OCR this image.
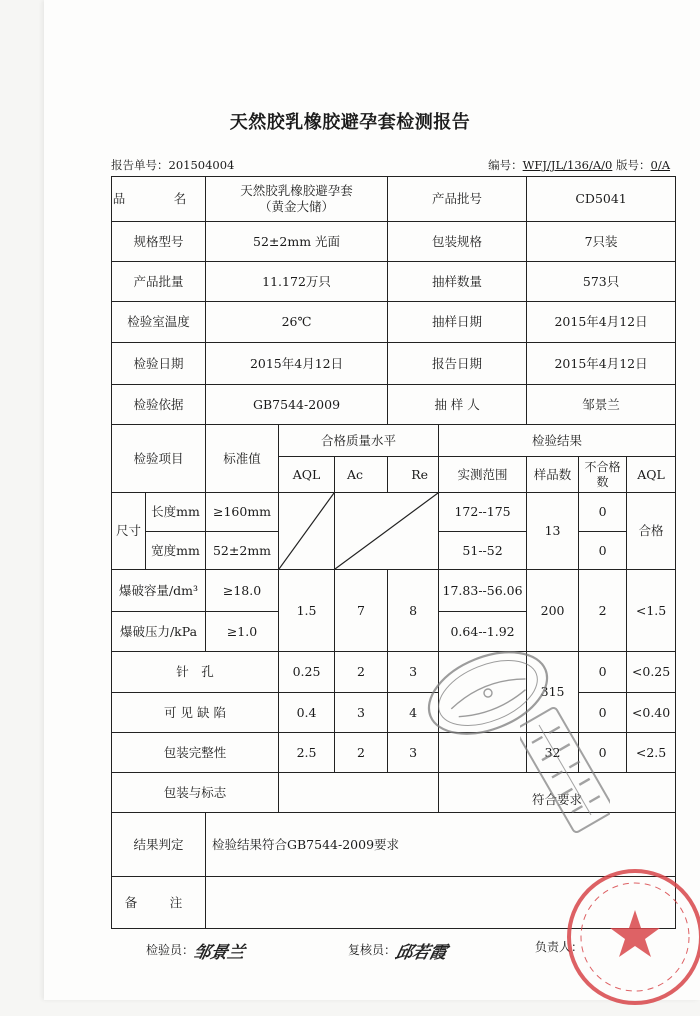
天然胶乳橡胶避孕套检测报告
报告单号：201504004	编号：WFJ/JL/136/A/0 版号：0/A
品　名		天然胶乳橡胶避孕套
（黄金大储）			产品批号		CD5041		
规格型号		52±2mm 光面			包装规格		7只装		
产品批量		11.172万只			抽样数量		573只		
检验室温度		26℃			抽样日期		2015年4月12日		
检验日期		2015年4月12日			报告日期		2015年4月12日		
检验依据		GB7544-2009			抽 样 人		邹景兰		
检验项目		标准值	合格质量水平			检验结果			
			AQL	Ac	Re	实测范围	样品数	不合格数	AQL
尺寸	长度mm	≥160mm				172--175	13	0	合格
	宽度mm	52±2mm				51--52		0	
爆破容量/dm³		≥18.0	1.5	7	8	17.83--56.06	200	2	<1.5
爆破压力/kPa		≥1.0				0.64--1.92			
针　孔			0.25	2	3		315	0	<0.25
可 见 缺 陷			0.4	3	4			0	<0.40
包装完整性			2.5	2	3		32	0	<2.5
包装与标志						符合要求			
结果判定		检验结果符合GB7544-2009要求							
备　注									
检验员：邹景兰	复核员：邱若霞	负责人：
